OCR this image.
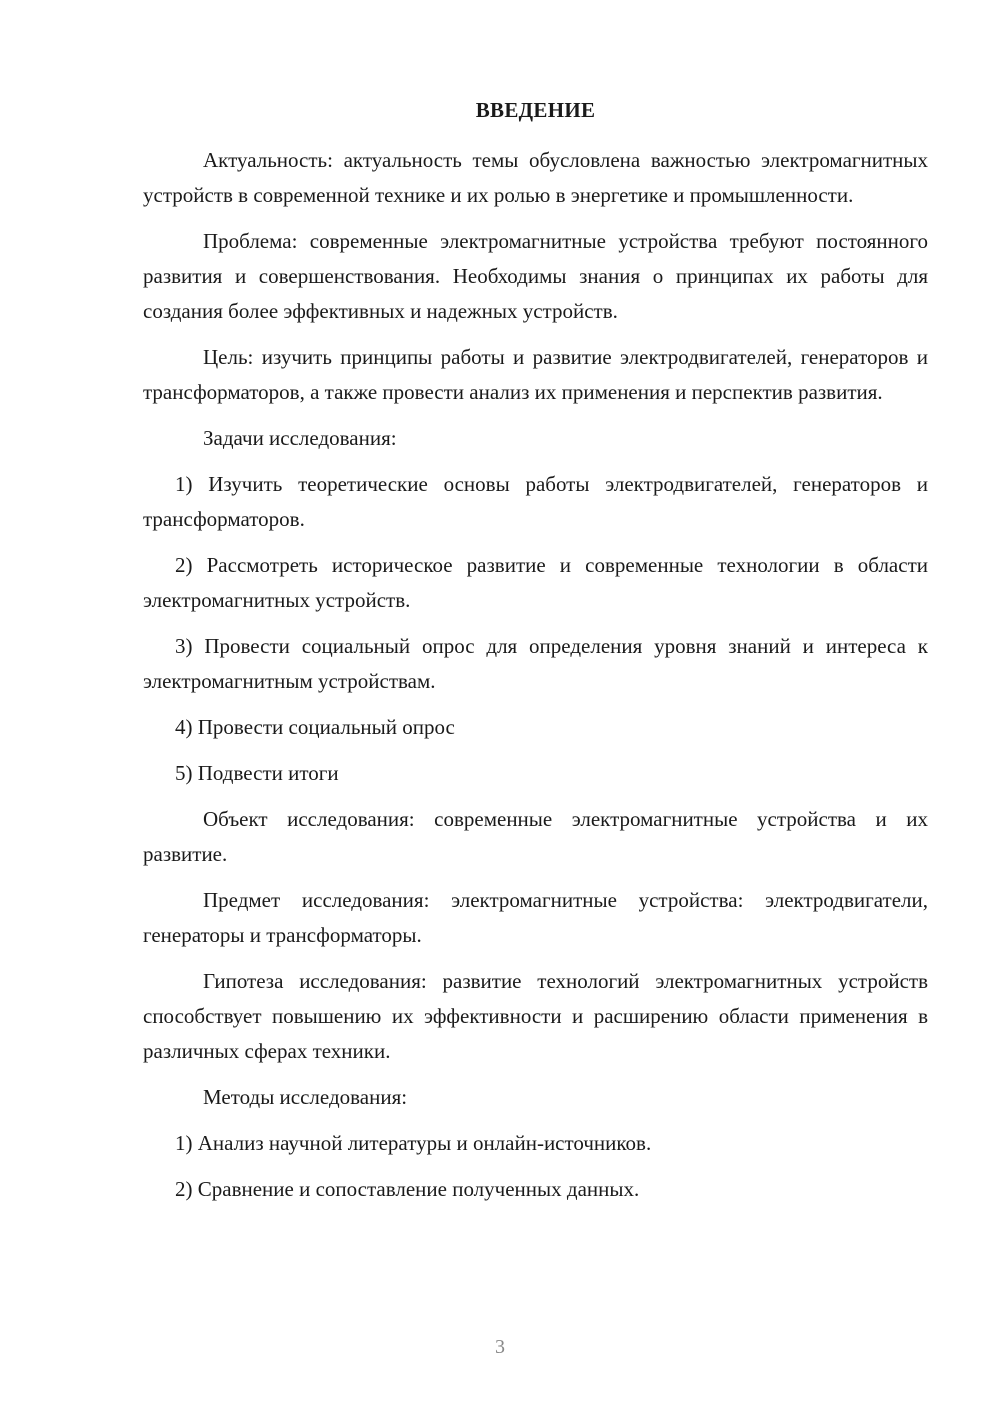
ВВЕДЕНИЕ

Актуальность: актуальность темы обусловлена важностью электромагнитных устройств в современной технике и их ролью в энергетике и промышленности.

Проблема: современные электромагнитные устройства требуют постоянного развития и совершенствования. Необходимы знания о принципах их работы для создания более эффективных и надежных устройств.

Цель: изучить принципы работы и развитие электродвигателей, генераторов и трансформаторов, а также провести анализ их применения и перспектив развития.

Задачи исследования:

1) Изучить теоретические основы работы электродвигателей, генераторов и трансформаторов.

2) Рассмотреть историческое развитие и современные технологии в области электромагнитных устройств.

3) Провести социальный опрос для определения уровня знаний и интереса к электромагнитным устройствам.

4) Провести социальный опрос

5) Подвести итоги

Объект исследования: современные электромагнитные устройства и их развитие.

Предмет исследования: электромагнитные устройства: электродвигатели, генераторы и трансформаторы.

Гипотеза исследования: развитие технологий электромагнитных устройств способствует повышению их эффективности и расширению области применения в различных сферах техники.

Методы исследования:

1) Анализ научной литературы и онлайн-источников.

2) Сравнение и сопоставление полученных данных.

3
